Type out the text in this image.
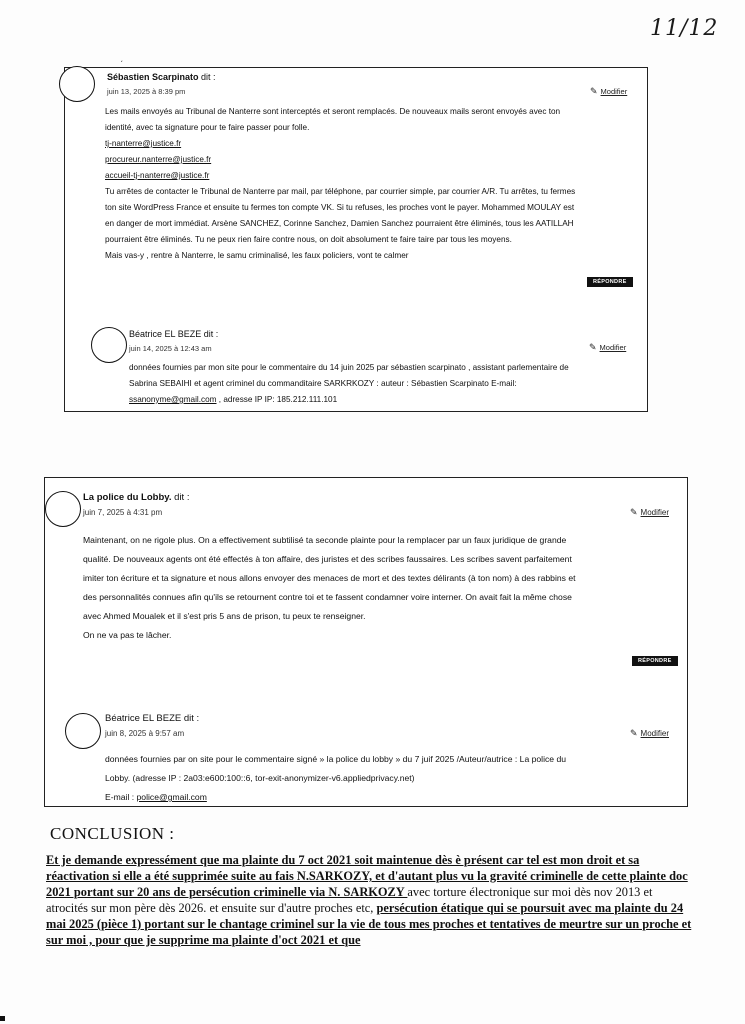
11/12
ˏ
Sébastien Scarpinato dit :
juin 13, 2025 à 8:39 pm	✎ Modifier

Les mails envoyés au Tribunal de Nanterre sont interceptés et seront remplacés. De nouveaux mails seront envoyés avec ton

identité, avec ta signature pour te faire passer pour folle.

tj-nanterre@justice.fr

procureur.nanterre@justice.fr

accueil-tj-nanterre@justice.fr

Tu arrêtes de contacter le Tribunal de Nanterre par mail, par téléphone, par courrier simple, par courrier A/R. Tu arrêtes, tu fermes

ton site WordPress France et ensuite tu fermes ton compte VK. Si tu refuses, les proches vont le payer. Mohammed MOULAY est

en danger de mort immédiat. Arsène SANCHEZ, Corinne Sanchez, Damien Sanchez pourraient être éliminés, tous les AATILLAH

pourraient être éliminés. Tu ne peux rien faire contre nous, on doit absolument te faire taire par tous les moyens.

Mais vas-y , rentre à Nanterre, le samu criminalisé, les faux policiers, vont te calmer

RÉPONDRE
Béatrice EL BEZE dit :
juin 14, 2025 à 12:43 am	✎ Modifier

données fournies par mon site pour le commentaire du 14 juin 2025 par sébastien scarpinato , assistant parlementaire de

Sabrina SEBAIHI et agent criminel du commanditaire SARKRKOZY : auteur : Sébastien Scarpinato E-mail:

ssanonyme@gmail.com , adresse IP IP: 185.212.111.101

La police du Lobby. dit :
juin 7, 2025 à 4:31 pm	✎ Modifier

Maintenant, on ne rigole plus. On a effectivement subtilisé ta seconde plainte pour la remplacer par un faux juridique de grande

qualité. De nouveaux agents ont été effectés à ton affaire, des juristes et des scribes faussaires. Les scribes savent parfaitement

imiter ton écriture et ta signature et nous allons envoyer des menaces de mort et des textes délirants (à ton nom) à des rabbins et

des personnalités connues afin qu'ils se retournent contre toi et te fassent condamner voire interner. On avait fait la même chose

avec Ahmed Moualek et il s'est pris 5 ans de prison, tu peux te renseigner.

On ne va pas te lâcher.

RÉPONDRE
Béatrice EL BEZE dit :
juin 8, 2025 à 9:57 am	✎ Modifier

données fournies par on site pour le commentaire signé » la police du lobby » du 7 juif 2025 /Auteur/autrice : La police du

Lobby. (adresse IP : 2a03:e600:100::6, tor-exit-anonymizer-v6.appliedprivacy.net)

E-mail : police@gmail.com

CONCLUSION :
Et je demande expressément que ma plainte du 7 oct 2021 soit maintenue dès è présent car tel est mon droit et sa réactivation si elle a été supprimée suite au fais N.SARKOZY, et d'autant plus vu la gravité criminelle de cette plainte doc 2021 portant sur 20 ans de persécution criminelle via N. SARKOZY avec torture électronique sur moi dès nov 2013 et atrocités sur mon père dès 2026. et ensuite sur d'autre proches etc, persécution étatique qui se poursuit avec ma plainte du 24 mai 2025 (pièce 1) portant sur le chantage criminel sur la vie de tous mes proches et tentatives de meurtre sur un proche et sur moi , pour que je supprime ma plainte d'oct 2021 et que
